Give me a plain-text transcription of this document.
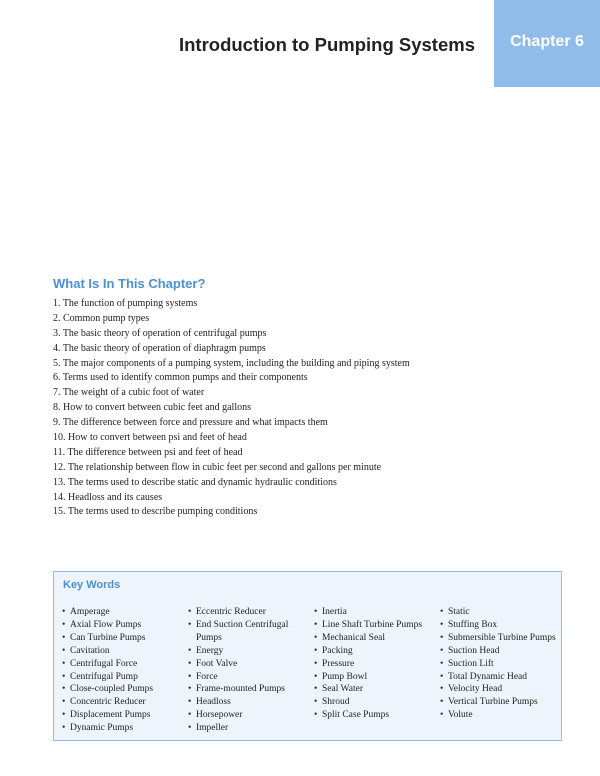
Introduction to Pumping Systems	Chapter 6
What Is In This Chapter?
1. The function of pumping systems
2. Common pump types
3. The basic theory of operation of centrifugal pumps
4. The basic theory of operation of diaphragm pumps
5. The major components of a pumping system, including the building and piping system
6. Terms used to identify common pumps and their components
7. The weight of a cubic foot of water
8. How to convert between cubic feet and gallons
9. The difference between force and pressure and what impacts them
10. How to convert between psi and feet of head
11. The difference between psi and feet of head
12. The relationship between flow in cubic feet per second and gallons per minute
13. The terms used to describe static and dynamic hydraulic conditions
14. Headloss and its causes
15. The terms used to describe pumping conditions
Key Words
• Amperage
• Axial Flow Pumps
• Can Turbine Pumps
• Cavitation
• Centrifugal Force
• Centrifugal Pump
• Close-coupled Pumps
• Concentric Reducer
• Displacement Pumps
• Dynamic Pumps
• Eccentric Reducer
• End Suction Centrifugal Pumps
• Energy
• Foot Valve
• Force
• Frame-mounted Pumps
• Headloss
• Horsepower
• Impeller
• Inertia
• Line Shaft Turbine Pumps
• Mechanical Seal
• Packing
• Pressure
• Pump Bowl
• Seal Water
• Shroud
• Split Case Pumps
• Static
• Stuffing Box
• Submersible Turbine Pumps
• Suction Head
• Suction Lift
• Total Dynamic Head
• Velocity Head
• Vertical Turbine Pumps
• Volute
